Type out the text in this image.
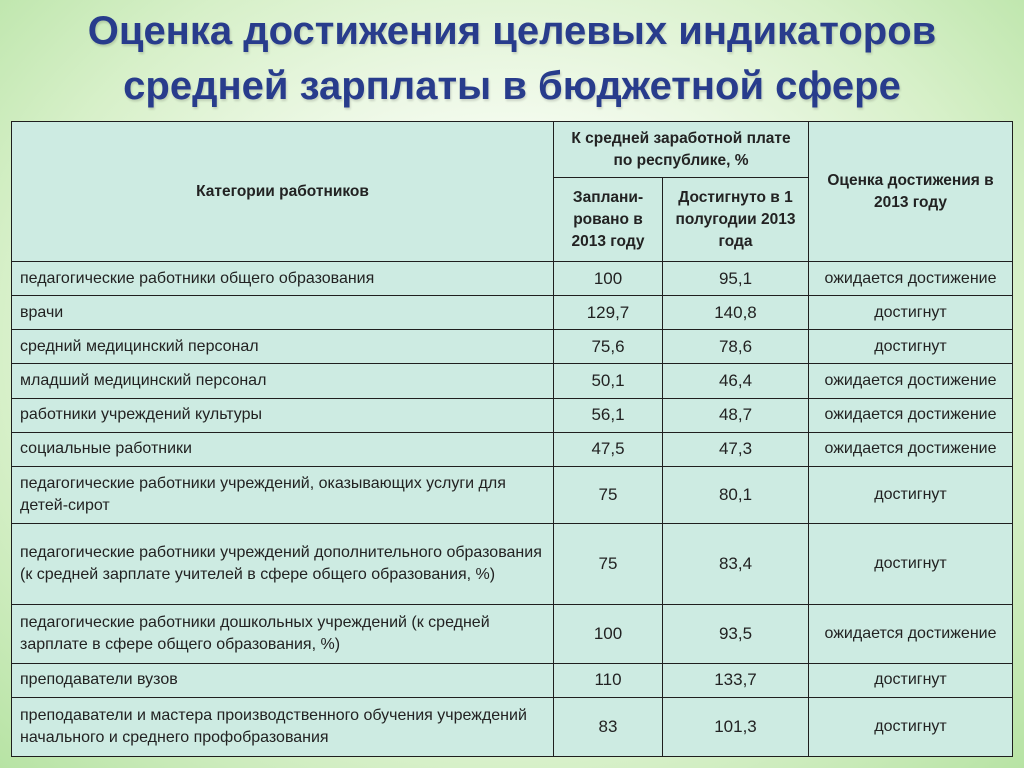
Оценка достижения целевых индикаторов
средней зарплаты в бюджетной сфере
Категории работников	К средней заработной плате по республике, %		Оценка достижения в 2013 году
	Заплани-рованo в 2013 году	Достигнуто в 1 полугодии 2013 года	
педагогические работники общего образования	100	95,1	ожидается достижение
врачи	129,7	140,8	достигнут
средний медицинский персонал	75,6	78,6	достигнут
младший медицинский персонал	50,1	46,4	ожидается достижение
работники учреждений культуры	56,1	48,7	ожидается достижение
социальные работники	47,5	47,3	ожидается достижение
педагогические работники учреждений, оказывающих услуги для детей-сирот	75	80,1	достигнут
педагогические работники учреждений дополнительного образования (к средней зарплате учителей в сфере общего образования, %)	75	83,4	достигнут
педагогические работники дошкольных учреждений (к средней зарплате в сфере общего образования, %)	100	93,5	ожидается достижение
преподаватели вузов	110	133,7	достигнут
преподаватели и мастера производственного обучения учреждений начального и среднего профобразования	83	101,3	достигнут
